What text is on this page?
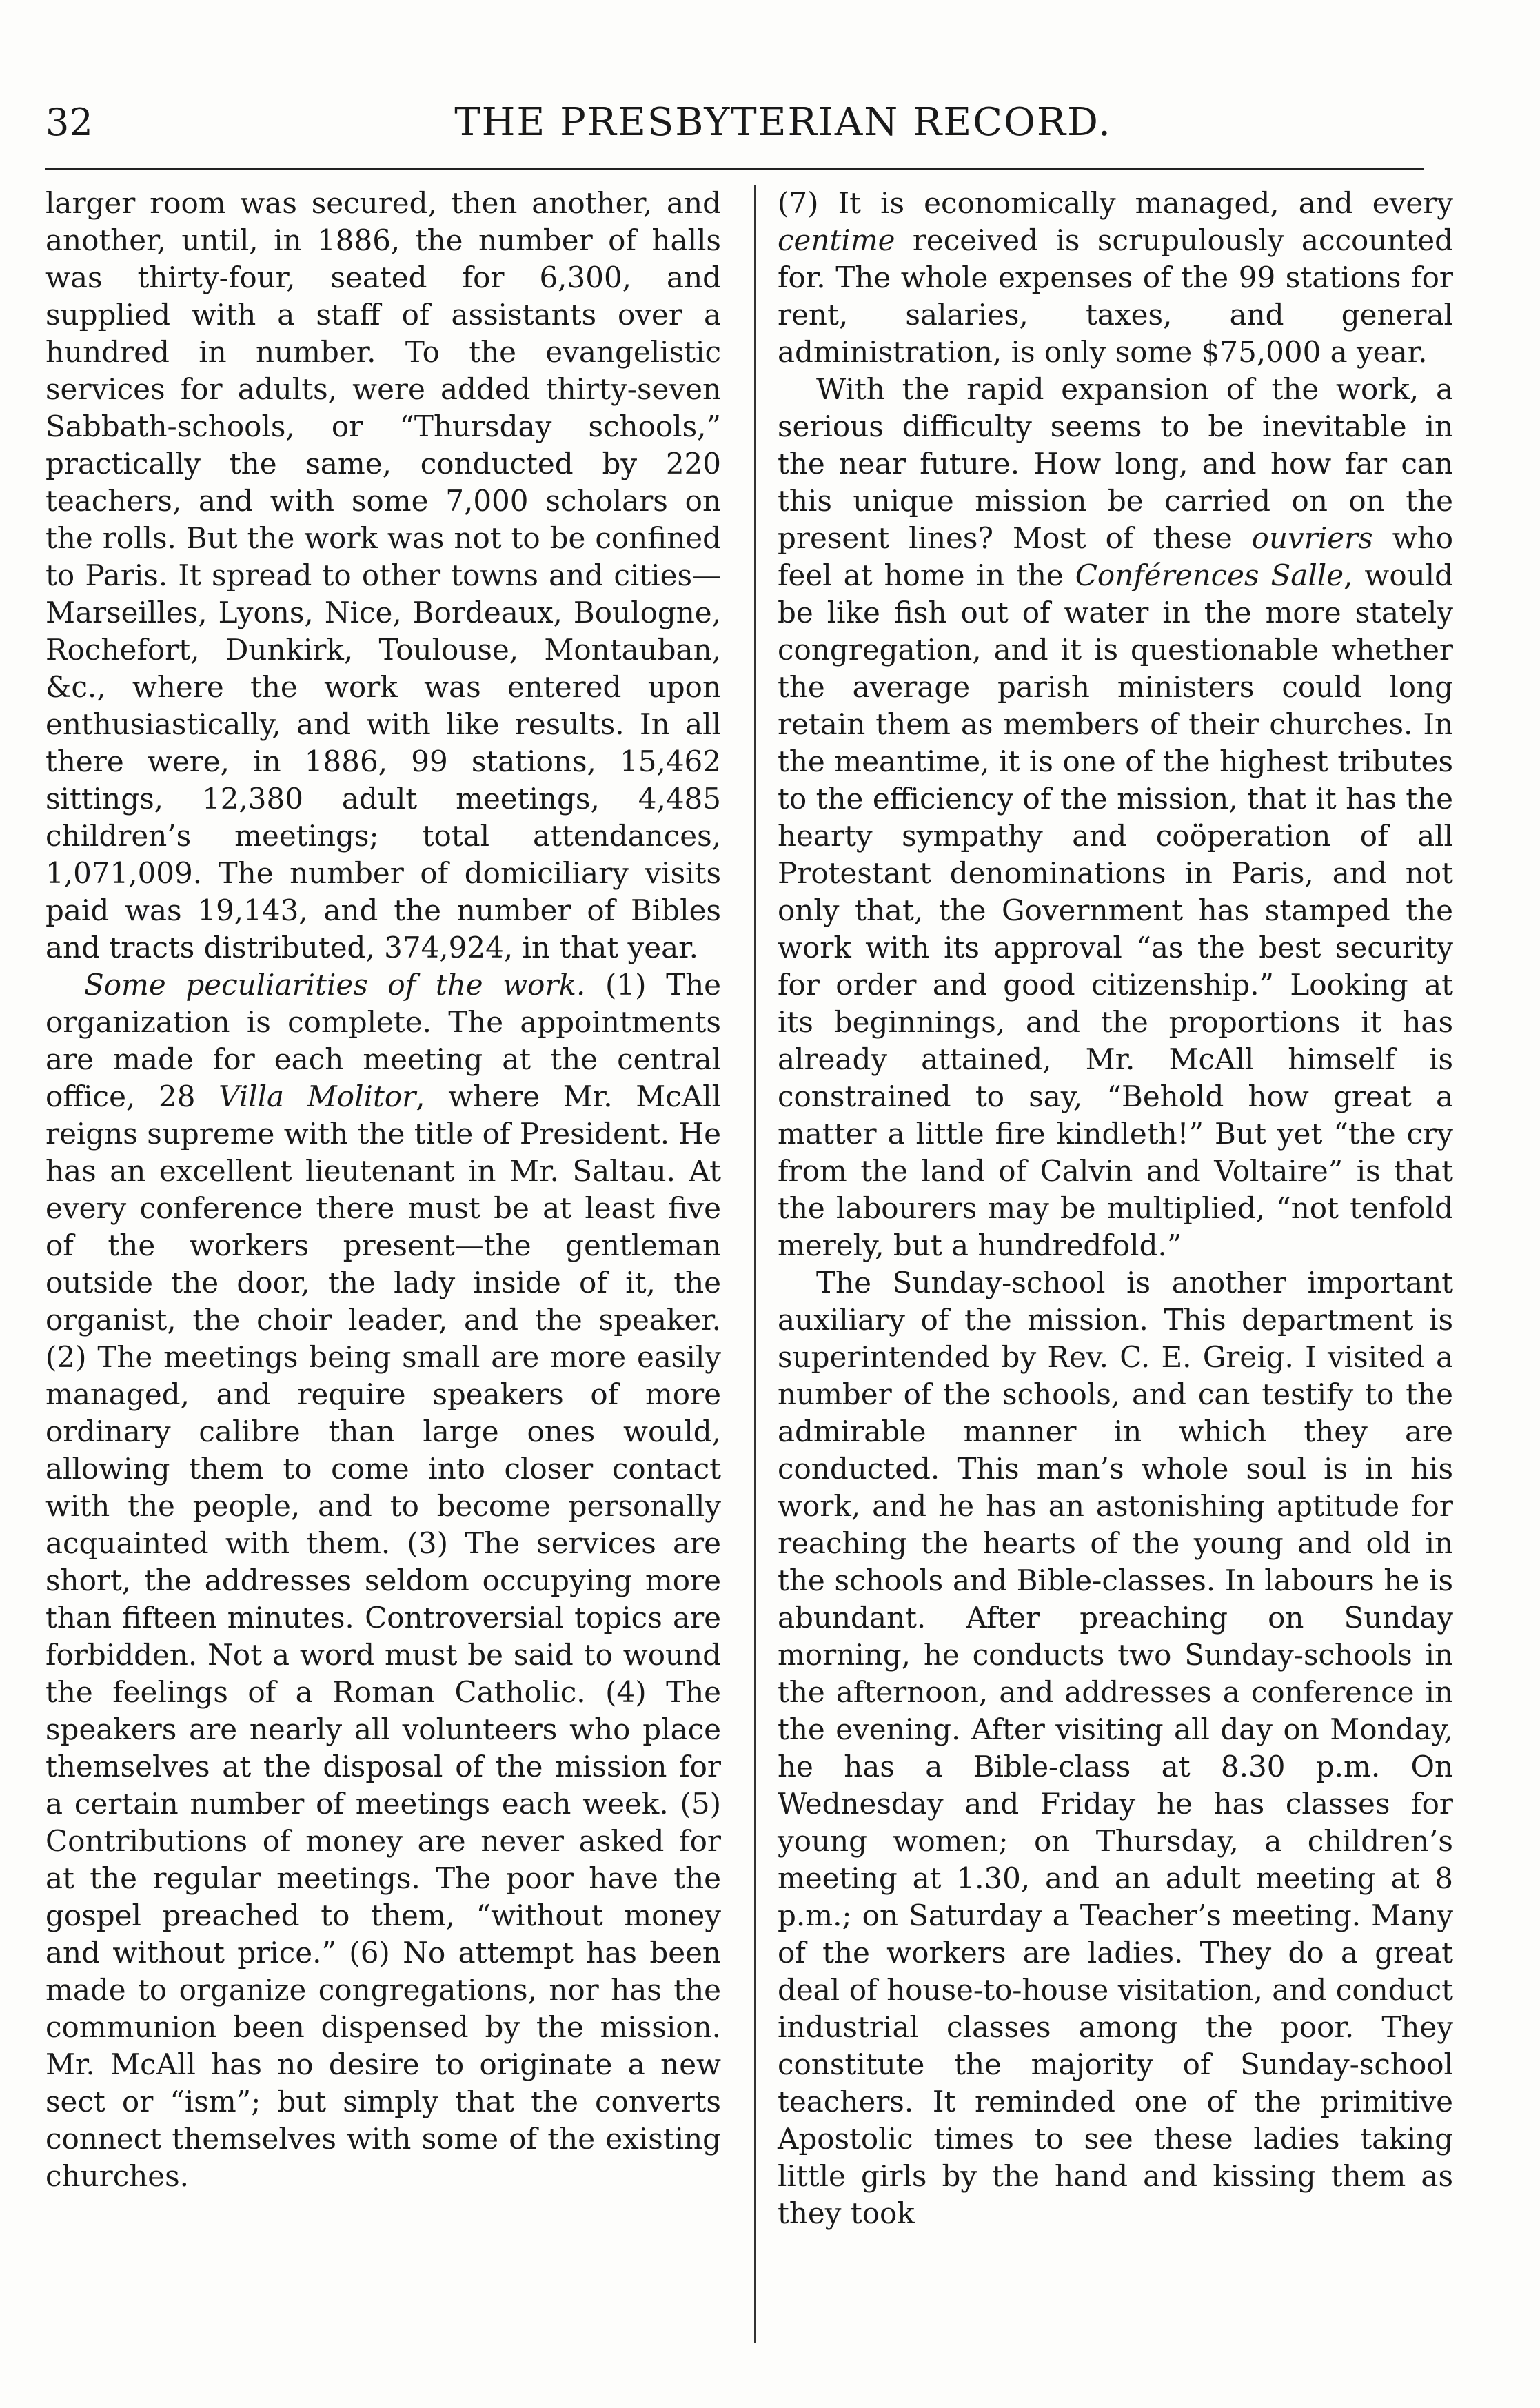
32	THE PRESBYTERIAN RECORD.

larger room was secured, then another, and another, until, in 1886, the number of halls was thirty-four, seated for 6,300, and supplied with a staff of assistants over a hundred in number. To the evangelistic services for adults, were added thirty-seven Sabbath-schools, or “Thursday schools,” practically the same, conducted by 220 teachers, and with some 7,000 scholars on the rolls. But the work was not to be confined to Paris. It spread to other towns and cities—Marseilles, Lyons, Nice, Bordeaux, Boulogne, Rochefort, Dunkirk, Toulouse, Montauban, &c., where the work was entered upon enthusiastically, and with like results. In all there were, in 1886, 99 stations, 15,462 sittings, 12,380 adult meetings, 4,485 children’s meetings; total attendances, 1,071,009. The number of domiciliary visits paid was 19,143, and the number of Bibles and tracts distributed, 374,924, in that year.

Some peculiarities of the work. (1) The organization is complete. The appointments are made for each meeting at the central office, 28 Villa Molitor, where Mr. McAll reigns supreme with the title of President. He has an excellent lieutenant in Mr. Saltau. At every conference there must be at least five of the workers present—the gentleman outside the door, the lady inside of it, the organist, the choir leader, and the speaker. (2) The meetings being small are more easily managed, and require speakers of more ordinary calibre than large ones would, allowing them to come into closer contact with the people, and to become personally acquainted with them. (3) The services are short, the addresses seldom occupying more than fifteen minutes. Controversial topics are forbidden. Not a word must be said to wound the feelings of a Roman Catholic. (4) The speakers are nearly all volunteers who place themselves at the disposal of the mission for a certain number of meetings each week. (5) Contributions of money are never asked for at the regular meetings. The poor have the gospel preached to them, “without money and without price.” (6) No attempt has been made to organize congregations, nor has the communion been dispensed by the mission. Mr. McAll has no desire to originate a new sect or “ism”; but simply that the converts connect themselves with some of the existing churches.

(7) It is economically managed, and every centime received is scrupulously accounted for. The whole expenses of the 99 stations for rent, salaries, taxes, and general administration, is only some $75,000 a year.

With the rapid expansion of the work, a serious difficulty seems to be inevitable in the near future. How long, and how far can this unique mission be carried on on the present lines? Most of these ouvriers who feel at home in the Conférences Salle, would be like fish out of water in the more stately congregation, and it is questionable whether the average parish ministers could long retain them as members of their churches. In the meantime, it is one of the highest tributes to the efficiency of the mission, that it has the hearty sympathy and coöperation of all Protestant denominations in Paris, and not only that, the Government has stamped the work with its approval “as the best security for order and good citizenship.” Looking at its beginnings, and the proportions it has already attained, Mr. McAll himself is constrained to say, “Behold how great a matter a little fire kindleth!” But yet “the cry from the land of Calvin and Voltaire” is that the labourers may be multiplied, “not tenfold merely, but a hundredfold.”

The Sunday-school is another important auxiliary of the mission. This department is superintended by Rev. C. E. Greig. I visited a number of the schools, and can testify to the admirable manner in which they are conducted. This man’s whole soul is in his work, and he has an astonishing aptitude for reaching the hearts of the young and old in the schools and Bible-classes. In labours he is abundant. After preaching on Sunday morning, he conducts two Sunday-schools in the afternoon, and addresses a conference in the evening. After visiting all day on Monday, he has a Bible-class at 8.30 p.m. On Wednesday and Friday he has classes for young women; on Thursday, a children’s meeting at 1.30, and an adult meeting at 8 p.m.; on Saturday a Teacher’s meeting. Many of the workers are ladies. They do a great deal of house-to-house visitation, and conduct industrial classes among the poor. They constitute the majority of Sunday-school teachers. It reminded one of the primitive Apostolic times to see these ladies taking little girls by the hand and kissing them as they took
